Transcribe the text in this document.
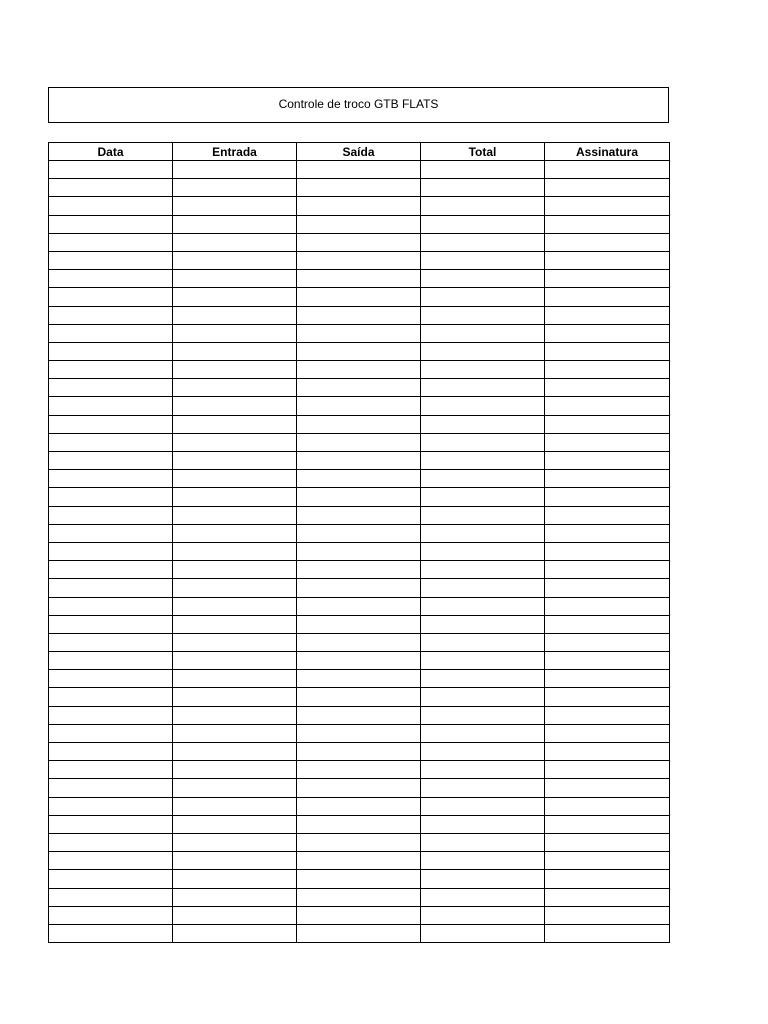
Controle de troco GTB FLATS
Data	Entrada	Saída	Total	Assinatura
